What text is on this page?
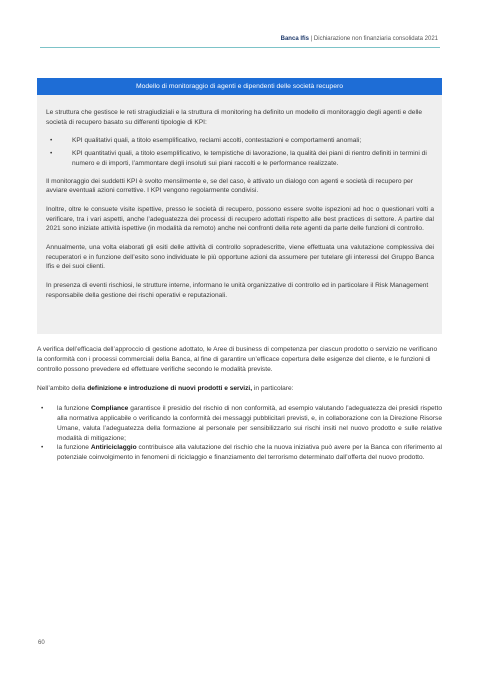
Banca Ifis | Dichiarazione non finanziaria consolidata 2021
Modello di monitoraggio di agenti e dipendenti delle società recupero

Le struttura che gestisce le reti stragiudiziali e la struttura di monitoring ha definito un modello di monitoraggio degli agenti e delle società di recupero basato su differenti tipologie di KPI:

•	KPI qualitativi quali, a titolo esemplificativo, reclami accolti, contestazioni e comportamenti anomali;
•	KPI quantitativi quali, a titolo esemplificativo, le tempistiche di lavorazione, la qualità dei piani di rientro definiti in termini di numero e di importi, l’ammontare degli insoluti sui piani raccolti e le performance realizzate.

Il monitoraggio dei suddetti KPI è svolto mensilmente e, se del caso, è attivato un dialogo con agenti e società di recupero per avviare eventuali azioni correttive. I KPI vengono regolarmente condivisi.

Inoltre, oltre le consuete visite ispettive, presso le società di recupero, possono essere svolte ispezioni ad hoc o questionari volti a verificare, tra i vari aspetti, anche l’adeguatezza dei processi di recupero adottati rispetto alle best practices di settore. A partire dal 2021 sono iniziate attività ispettive (in modalità da remoto) anche nei confronti della rete agenti da parte delle funzioni di controllo.

Annualmente, una volta elaborati gli esiti delle attività di controllo sopradescritte, viene effettuata una valutazione complessiva dei recuperatori e in funzione dell’esito sono individuate le più opportune azioni da assumere per tutelare gli interessi del Gruppo Banca Ifis e dei suoi clienti.

In presenza di eventi rischiosi, le strutture interne, informano le unità organizzative di controllo ed in particolare il Risk Management responsabile della gestione dei rischi operativi e reputazionali.

A verifica dell’efficacia dell’approccio di gestione adottato, le Aree di business di competenza per ciascun prodotto o servizio ne verificano la conformità con i processi commerciali della Banca, al fine di garantire un’efficace copertura delle esigenze del cliente, e le funzioni di controllo possono prevedere ed effettuare verifiche secondo le modalità previste.

Nell’ambito della definizione e introduzione di nuovi prodotti e servizi, in particolare:

• la funzione Compliance garantisce il presidio del rischio di non conformità, ad esempio valutando l’adeguatezza dei presidi rispetto alla normativa applicabile o verificando la conformità dei messaggi pubblicitari previsti, e, in collaborazione con la Direzione Risorse Umane, valuta l’adeguatezza della formazione al personale per sensibilizzarlo sui rischi insiti nel nuovo prodotto e sulle relative modalità di mitigazione;
• la funzione Antiriciclaggio contribuisce alla valutazione del rischio che la nuova iniziativa può avere per la Banca con riferimento al potenziale coinvolgimento in fenomeni di riciclaggio e finanziamento del terrorismo determinato dall’offerta del nuovo prodotto.
60
